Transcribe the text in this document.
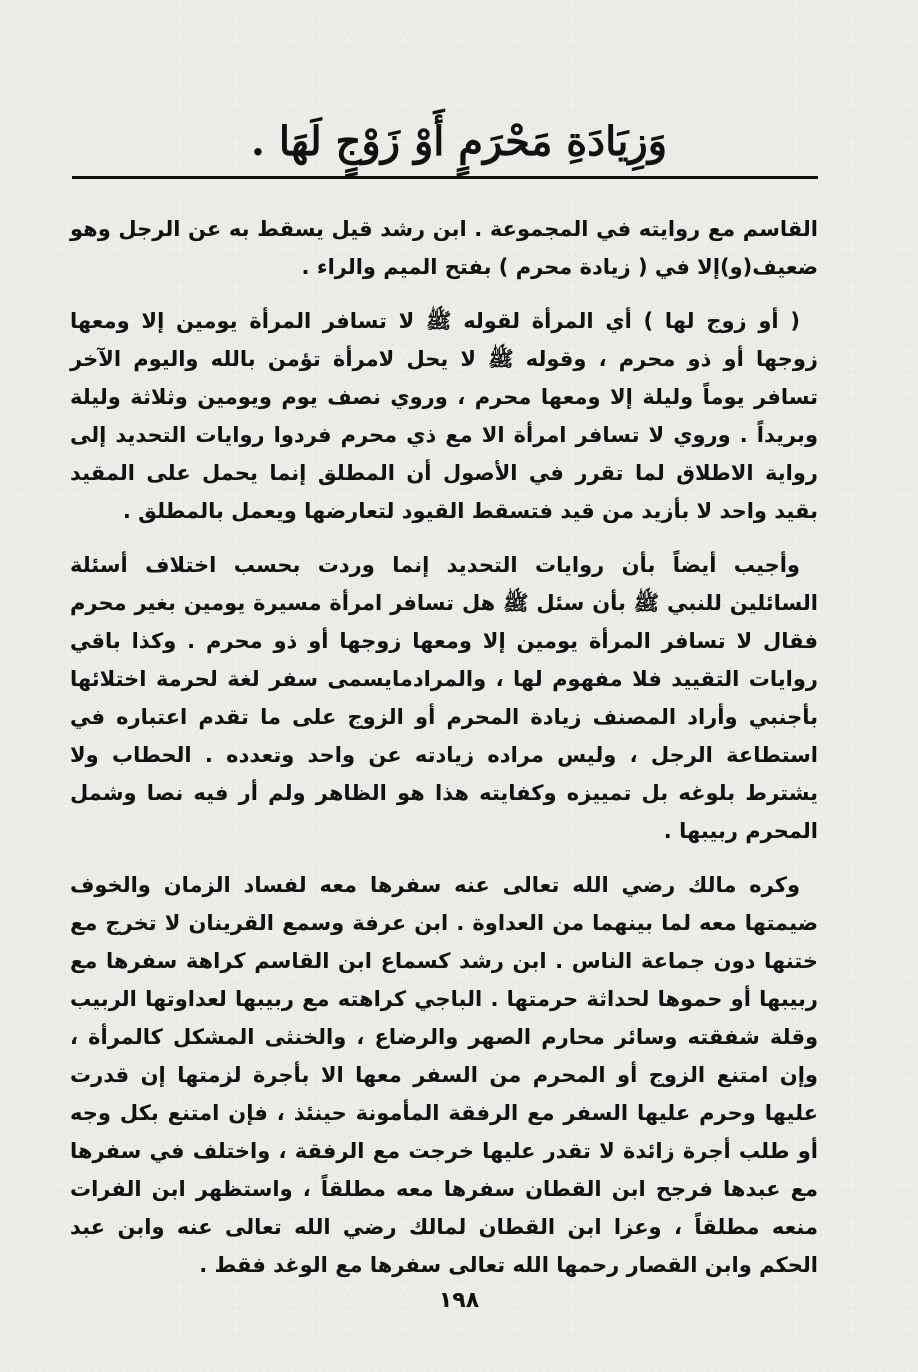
وَزِيَادَةِ مَحْرَمٍ أَوْ زَوْجٍ لَهَا .

القاسم مع روايته في المجموعة . ابن رشد قيل يسقط به عن الرجل وهو ضعيف(و)إلا في ( زيادة محرم ) بفتح الميم والراء .

( أو زوج لها ) أي المرأة لقوله ﷺ لا تسافر المرأة يومين إلا ومعها زوجها أو ذو محرم ، وقوله ﷺ لا يحل لامرأة تؤمن بالله واليوم الآخر تسافر يوماً وليلة إلا ومعها محرم ، وروي نصف يوم ويومين وثلاثة وليلة وبريداً . وروي لا تسافر امرأة الا مع ذي محرم فردوا روايات التحديد إلى رواية الاطلاق لما تقرر في الأصول أن المطلق إنما يحمل على المقيد بقيد واحد لا بأزيد من قيد فتسقط القيود لتعارضها ويعمل بالمطلق .

وأجيب أيضاً بأن روايات التحديد إنما وردت بحسب اختلاف أسئلة السائلين للنبي ﷺ بأن سئل ﷺ هل تسافر امرأة مسيرة يومين بغير محرم فقال لا تسافر المرأة يومين إلا ومعها زوجها أو ذو محرم . وكذا باقي روايات التقييد فلا مفهوم لها ، والمرادمايسمى سفر لغة لحرمة اختلائها بأجنبي وأراد المصنف زيادة المحرم أو الزوج على ما تقدم اعتباره في استطاعة الرجل ، وليس مراده زيادته عن واحد وتعدده . الحطاب ولا يشترط بلوغه بل تمييزه وكفايته هذا هو الظاهر ولم أر فيه نصا وشمل المحرم ربيبها .

وكره مالك رضي الله تعالى عنه سفرها معه لفساد الزمان والخوف ضيمتها معه لما بينهما من العداوة . ابن عرفة وسمع القرينان لا تخرج مع ختنها دون جماعة الناس . ابن رشد كسماع ابن القاسم كراهة سفرها مع ربيبها أو حموها لحداثة حرمتها . الباجي كراهته مع ربيبها لعداوتها الربيب وقلة شفقته وسائر محارم الصهر والرضاع ، والخنثى المشكل كالمرأة ، وإن امتنع الزوج أو المحرم من السفر معها الا بأجرة لزمتها إن قدرت عليها وحرم عليها السفر مع الرفقة المأمونة حينئذ ، فإن امتنع بكل وجه أو طلب أجرة زائدة لا تقدر عليها خرجت مع الرفقة ، واختلف في سفرها مع عبدها فرجح ابن القطان سفرها معه مطلقاً ، واستظهر ابن الفرات منعه مطلقاً ، وعزا ابن القطان لمالك رضي الله تعالى عنه وابن عبد الحكم وابن القصار رحمها الله تعالى سفرها مع الوغد فقط .

١٩٨
